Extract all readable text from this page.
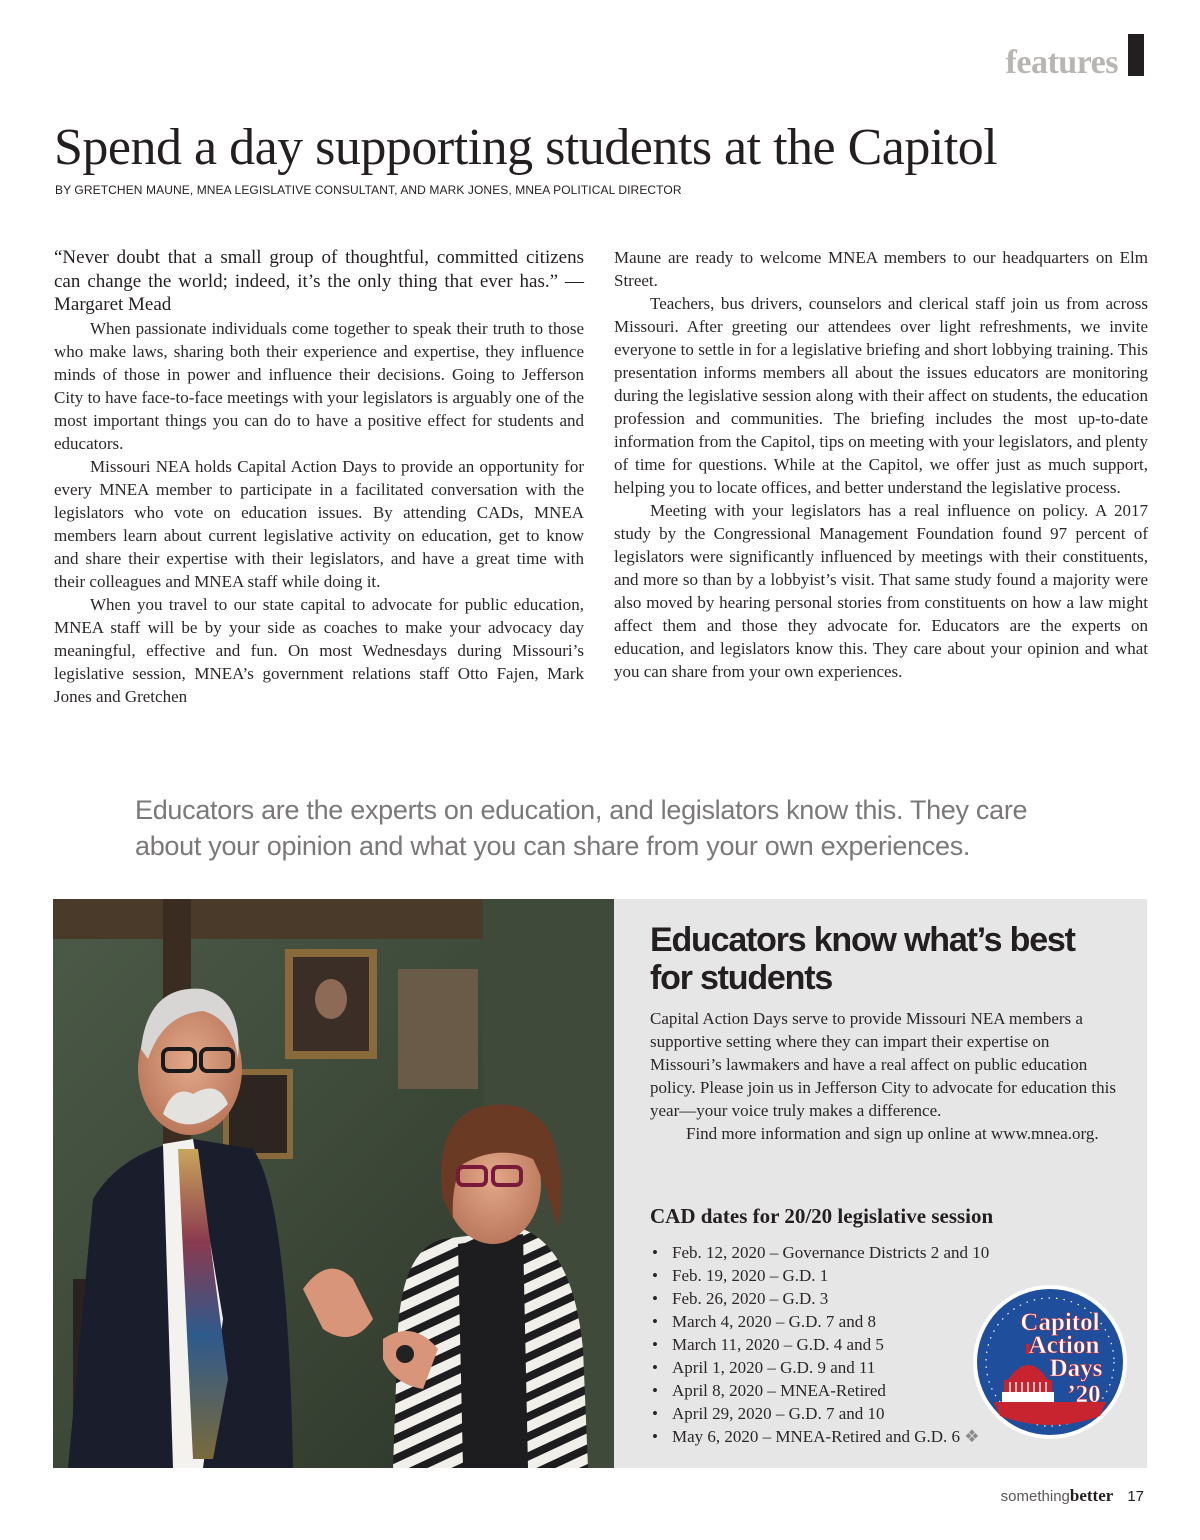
features
Spend a day supporting students at the Capitol
BY GRETCHEN MAUNE, MNEA LEGISLATIVE CONSULTANT, AND MARK JONES, MNEA POLITICAL DIRECTOR

“Never doubt that a small group of thoughtful, committed citizens can change the world; indeed, it’s the only thing that ever has.” — Margaret Mead

When passionate individuals come together to speak their truth to those who make laws, sharing both their experience and expertise, they influence minds of those in power and influence their decisions. Going to Jefferson City to have face-to-face meetings with your legislators is arguably one of the most important things you can do to have a positive effect for students and educators.

Missouri NEA holds Capital Action Days to provide an opportunity for every MNEA member to participate in a facilitated conversation with the legislators who vote on education issues. By attending CADs, MNEA members learn about current legislative activity on education, get to know and share their expertise with their legislators, and have a great time with their colleagues and MNEA staff while doing it.

When you travel to our state capital to advocate for public education, MNEA staff will be by your side as coaches to make your advocacy day meaningful, effective and fun. On most Wednesdays during Missouri’s legislative session, MNEA’s government relations staff Otto Fajen, Mark Jones and Gretchen

Maune are ready to welcome MNEA members to our headquarters on Elm Street.

Teachers, bus drivers, counselors and clerical staff join us from across Missouri. After greeting our attendees over light refreshments, we invite everyone to settle in for a legislative briefing and short lobbying training. This presentation informs members all about the issues educators are monitoring during the legislative session along with their affect on students, the education profession and communities. The briefing includes the most up-to-date information from the Capitol, tips on meeting with your legislators, and plenty of time for questions. While at the Capitol, we offer just as much support, helping you to locate offices, and better understand the legislative process.

Meeting with your legislators has a real influence on policy. A 2017 study by the Congressional Management Foundation found 97 percent of legislators were significantly influenced by meetings with their constituents, and more so than by a lobbyist’s visit. That same study found a majority were also moved by hearing personal stories from constituents on how a law might affect them and those they advocate for. Educators are the experts on education, and legislators know this. They care about your opinion and what you can share from your own experiences.

Educators are the experts on education, and legislators know this. They care about your opinion and what you can share from your own experiences.
Educators know what’s best for students

Capital Action Days serve to provide Missouri NEA members a supportive setting where they can impart their expertise on Missouri’s lawmakers and have a real affect on public education policy. Please join us in Jefferson City to advocate for education this year—your voice truly makes a difference.

Find more information and sign up online at www.mnea.org.

CAD dates for 20/20 legislative session
• Feb. 12, 2020 – Governance Districts 2 and 10
• Feb. 19, 2020 – G.D. 1
• Feb. 26, 2020 – G.D. 3
• March 4, 2020 – G.D. 7 and 8
• March 11, 2020 – G.D. 4 and 5
• April 1, 2020 – G.D. 9 and 11
• April 8, 2020 – MNEA-Retired
• April 29, 2020 – G.D. 7 and 10
• May 6, 2020 – MNEA-Retired and G.D. 6 ❖
Capitol
Action
Days
’20
somethingbetter 17
